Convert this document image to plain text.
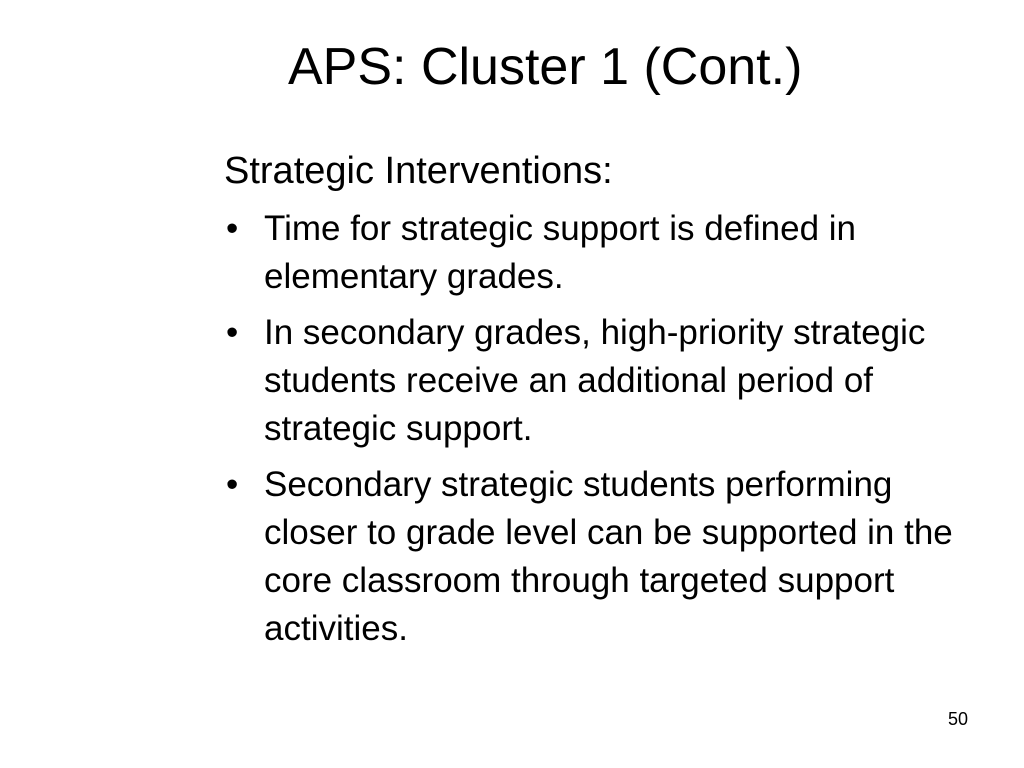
APS: Cluster 1 (Cont.)

Strategic Interventions:

• Time for strategic support is defined in elementary grades.
• In secondary grades, high-priority strategic students receive an additional period of strategic support.
• Secondary strategic students performing closer to grade level can be supported in the core classroom through targeted support activities.
50
